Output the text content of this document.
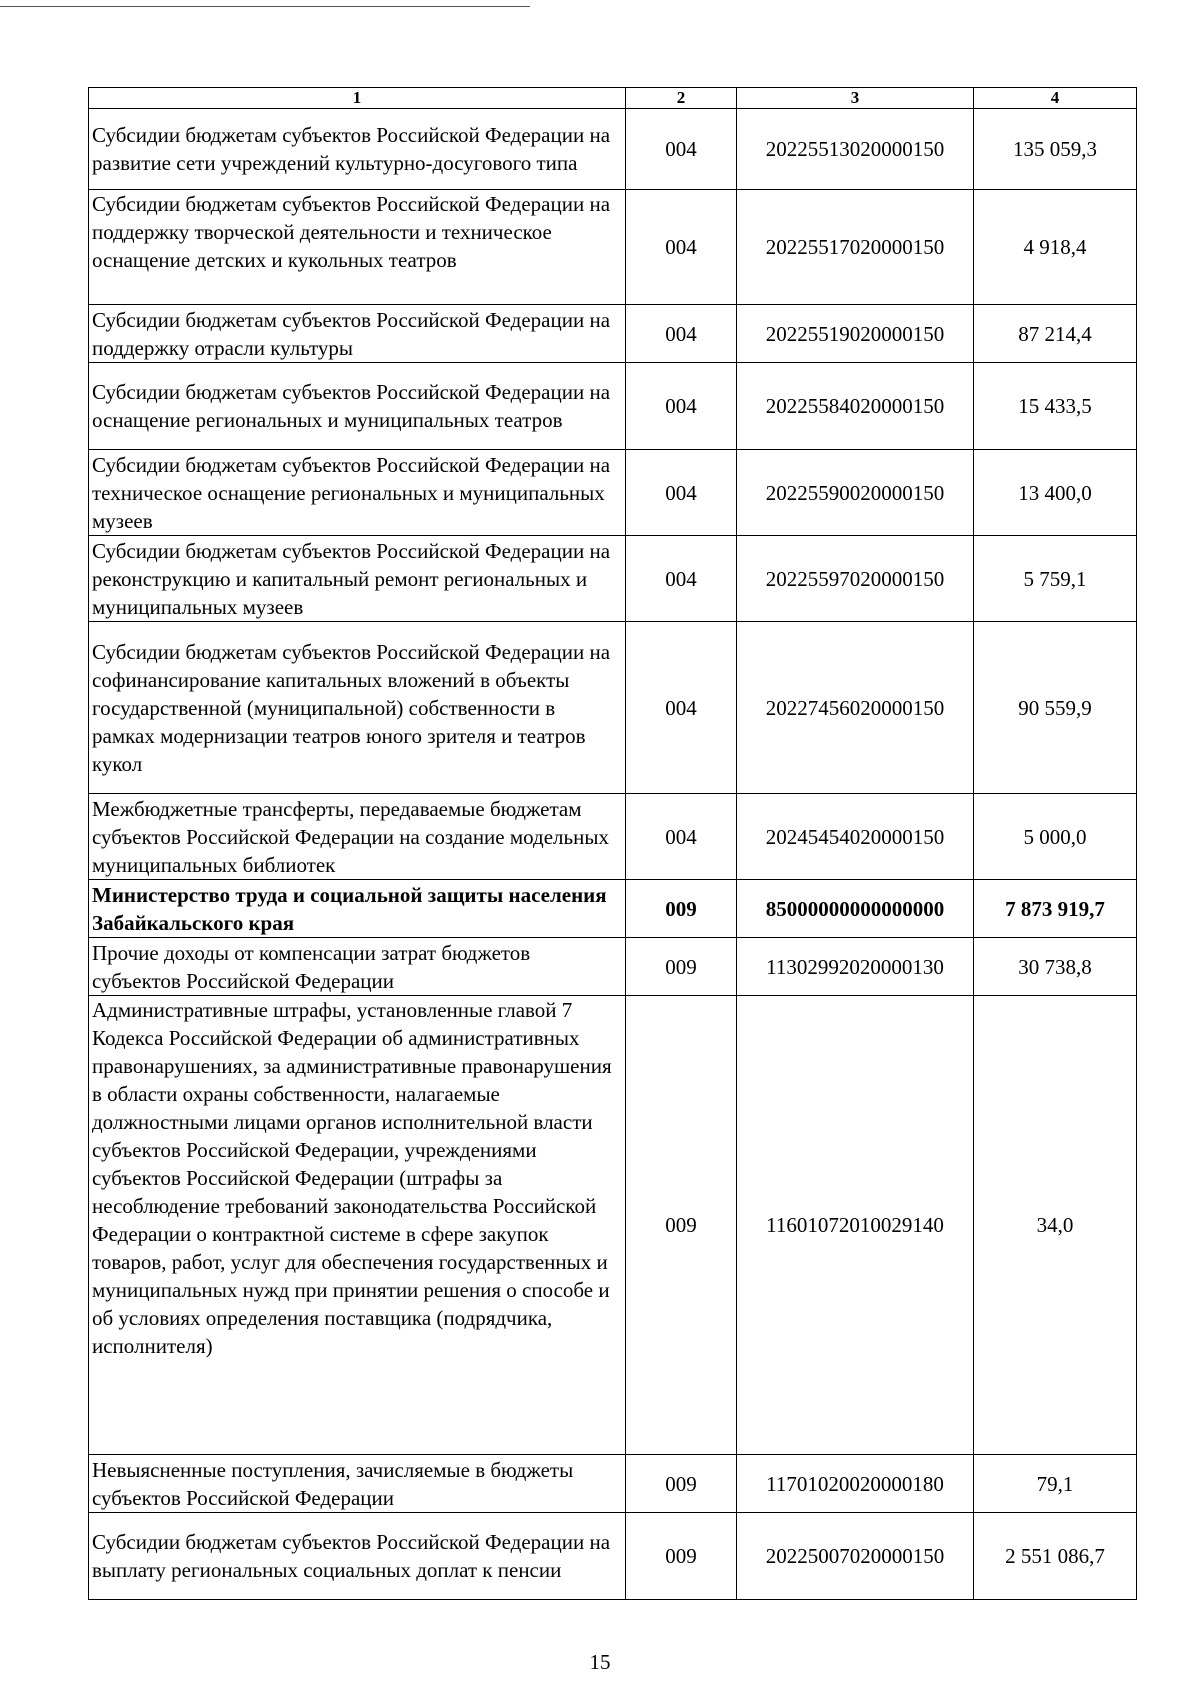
1	2	3	4
Субсидии бюджетам субъектов Российской Федерации на развитие сети учреждений культурно-досугового типа	004	20225513020000150	135 059,3
Субсидии бюджетам субъектов Российской Федерации на поддержку творческой деятельности и техническое оснащение детских и кукольных театров	004	20225517020000150	4 918,4
Субсидии бюджетам субъектов Российской Федерации на поддержку отрасли культуры	004	20225519020000150	87 214,4
Субсидии бюджетам субъектов Российской Федерации на оснащение региональных и муниципальных театров	004	20225584020000150	15 433,5
Субсидии бюджетам субъектов Российской Федерации на техническое оснащение региональных и муниципальных музеев	004	20225590020000150	13 400,0
Субсидии бюджетам субъектов Российской Федерации на реконструкцию и капитальный ремонт региональных и муниципальных музеев	004	20225597020000150	5 759,1
Субсидии бюджетам субъектов Российской Федерации на софинансирование капитальных вложений в объекты государственной (муниципальной) собственности в рамках модернизации театров юного зрителя и театров кукол	004	20227456020000150	90 559,9
Межбюджетные трансферты, передаваемые бюджетам субъектов Российской Федерации на создание модельных муниципальных библиотек	004	20245454020000150	5 000,0
Министерство труда и социальной защиты населения Забайкальского края	009	85000000000000000	7 873 919,7
Прочие доходы от компенсации затрат бюджетов субъектов Российской Федерации	009	11302992020000130	30 738,8
Административные штрафы, установленные главой 7 Кодекса Российской Федерации об административных правонарушениях, за административные правонарушения в области охраны собственности, налагаемые должностными лицами органов исполнительной власти субъектов Российской Федерации, учреждениями субъектов Российской Федерации (штрафы за несоблюдение требований законодательства Российской Федерации о контрактной системе в сфере закупок товаров, работ, услуг для обеспечения государственных и муниципальных нужд при принятии решения о способе и об условиях определения поставщика (подрядчика, исполнителя)	009	11601072010029140	34,0
Невыясненные поступления, зачисляемые в бюджеты субъектов Российской Федерации	009	11701020020000180	79,1
Субсидии бюджетам субъектов Российской Федерации на выплату региональных социальных доплат к пенсии	009	20225007020000150	2 551 086,7
15
